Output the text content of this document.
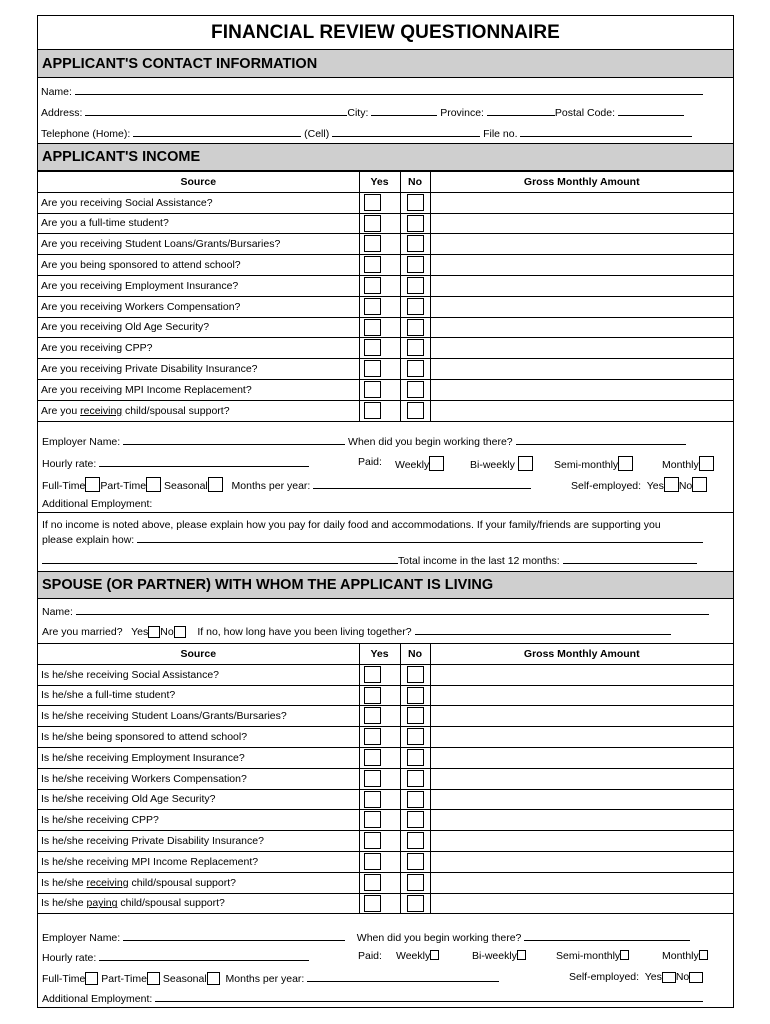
FINANCIAL REVIEW QUESTIONNAIRE
APPLICANT'S CONTACT INFORMATION
Name:
Address:	City:	Province:	Postal Code:
Telephone (Home):	(Cell)	File no.
APPLICANT'S INCOME
Source	Yes	No	Gross Monthly Amount
Are you receiving Social Assistance?	

Are you a full-time student?	

Are you receiving Student Loans/Grants/Bursaries?	

Are you being sponsored to attend school?	

Are you receiving Employment Insurance?	

Are you receiving Workers Compensation?	

Are you receiving Old Age Security?	

Are you receiving CPP?	

Are you receiving Private Disability Insurance?	

Are you receiving MPI Income Replacement?	

Are you receiving child/spousal support?	

Employer Name:	When did you begin working there?
Hourly rate:	Paid: Weekly	Bi-weekly	Semi-monthly	Monthly
Full-Time Part-Time Seasonal Months per year:	Self-employed: Yes No
Additional Employment:
If no income is noted above, please explain how you pay for daily food and accommodations. If your family/friends are supporting you
please explain how:
Total income in the last 12 months:
SPOUSE (OR PARTNER) WITH WHOM THE APPLICANT IS LIVING
Name:
Are you married? Yes No If no, how long have you been living together?
Source	Yes	No	Gross Monthly Amount
Is he/she receiving Social Assistance?	

Is he/she a full-time student?	

Is he/she receiving Student Loans/Grants/Bursaries?	

Is he/she being sponsored to attend school?	

Is he/she receiving Employment Insurance?	

Is he/she receiving Workers Compensation?	

Is he/she receiving Old Age Security?	

Is he/she receiving CPP?	

Is he/she receiving Private Disability Insurance?	

Is he/she receiving MPI Income Replacement?	

Is he/she receiving child/spousal support?	

Is he/she paying child/spousal support?	

Employer Name:	When did you begin working there?
Hourly rate:	Paid: Weekly	Bi-weekly	Semi-monthly	Monthly
Full-Time Part-Time Seasonal Months per year:	Self-employed: Yes No
Additional Employment:
